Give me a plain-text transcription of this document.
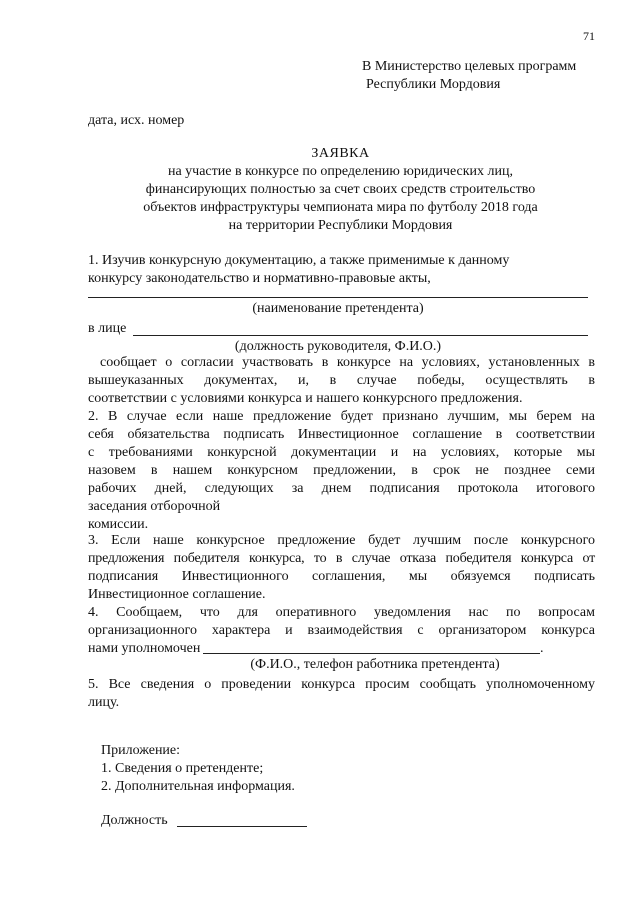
71
В Министерство целевых программ
Республики Мордовия
дата, исх. номер
ЗАЯВКА
на участие в конкурсе по определению юридических лиц,
финансирующих полностью за счет своих средств строительство
объектов инфраструктуры чемпионата мира по футболу 2018 года
на территории Республики Мордовия
1. Изучив конкурсную документацию, а также применимые к данному
конкурсу законодательство и нормативно-правовые акты,
(наименование претендента)
в лице
(должность руководителя, Ф.И.О.)
сообщает о согласии участвовать в конкурсе на условиях, установленных в
вышеуказанных документах, и, в случае победы, осуществлять в
соответствии с условиями конкурса и нашего конкурсного предложения.
2. В случае если наше предложение будет признано лучшим, мы берем на
себя обязательства подписать Инвестиционное соглашение в соответствии
с требованиями конкурсной документации и на условиях, которые мы
назовем в нашем конкурсном предложении, в срок не позднее семи
рабочих дней, следующих за днем подписания протокола итогового
заседания отборочной
комиссии.
3. Если наше конкурсное предложение будет лучшим после конкурсного
предложения победителя конкурса, то в случае отказа победителя конкурса от
подписания Инвестиционного соглашения, мы обязуемся подписать
Инвестиционное соглашение.
4. Сообщаем, что для оперативного уведомления нас по вопросам
организационного характера и взаимодействия с организатором конкурса
нами уполномочен	.
(Ф.И.О., телефон работника претендента)
5. Все сведения о проведении конкурса просим сообщать уполномоченному
лицу.
Приложение:
1. Сведения о претенденте;
2. Дополнительная информация.
Должность
